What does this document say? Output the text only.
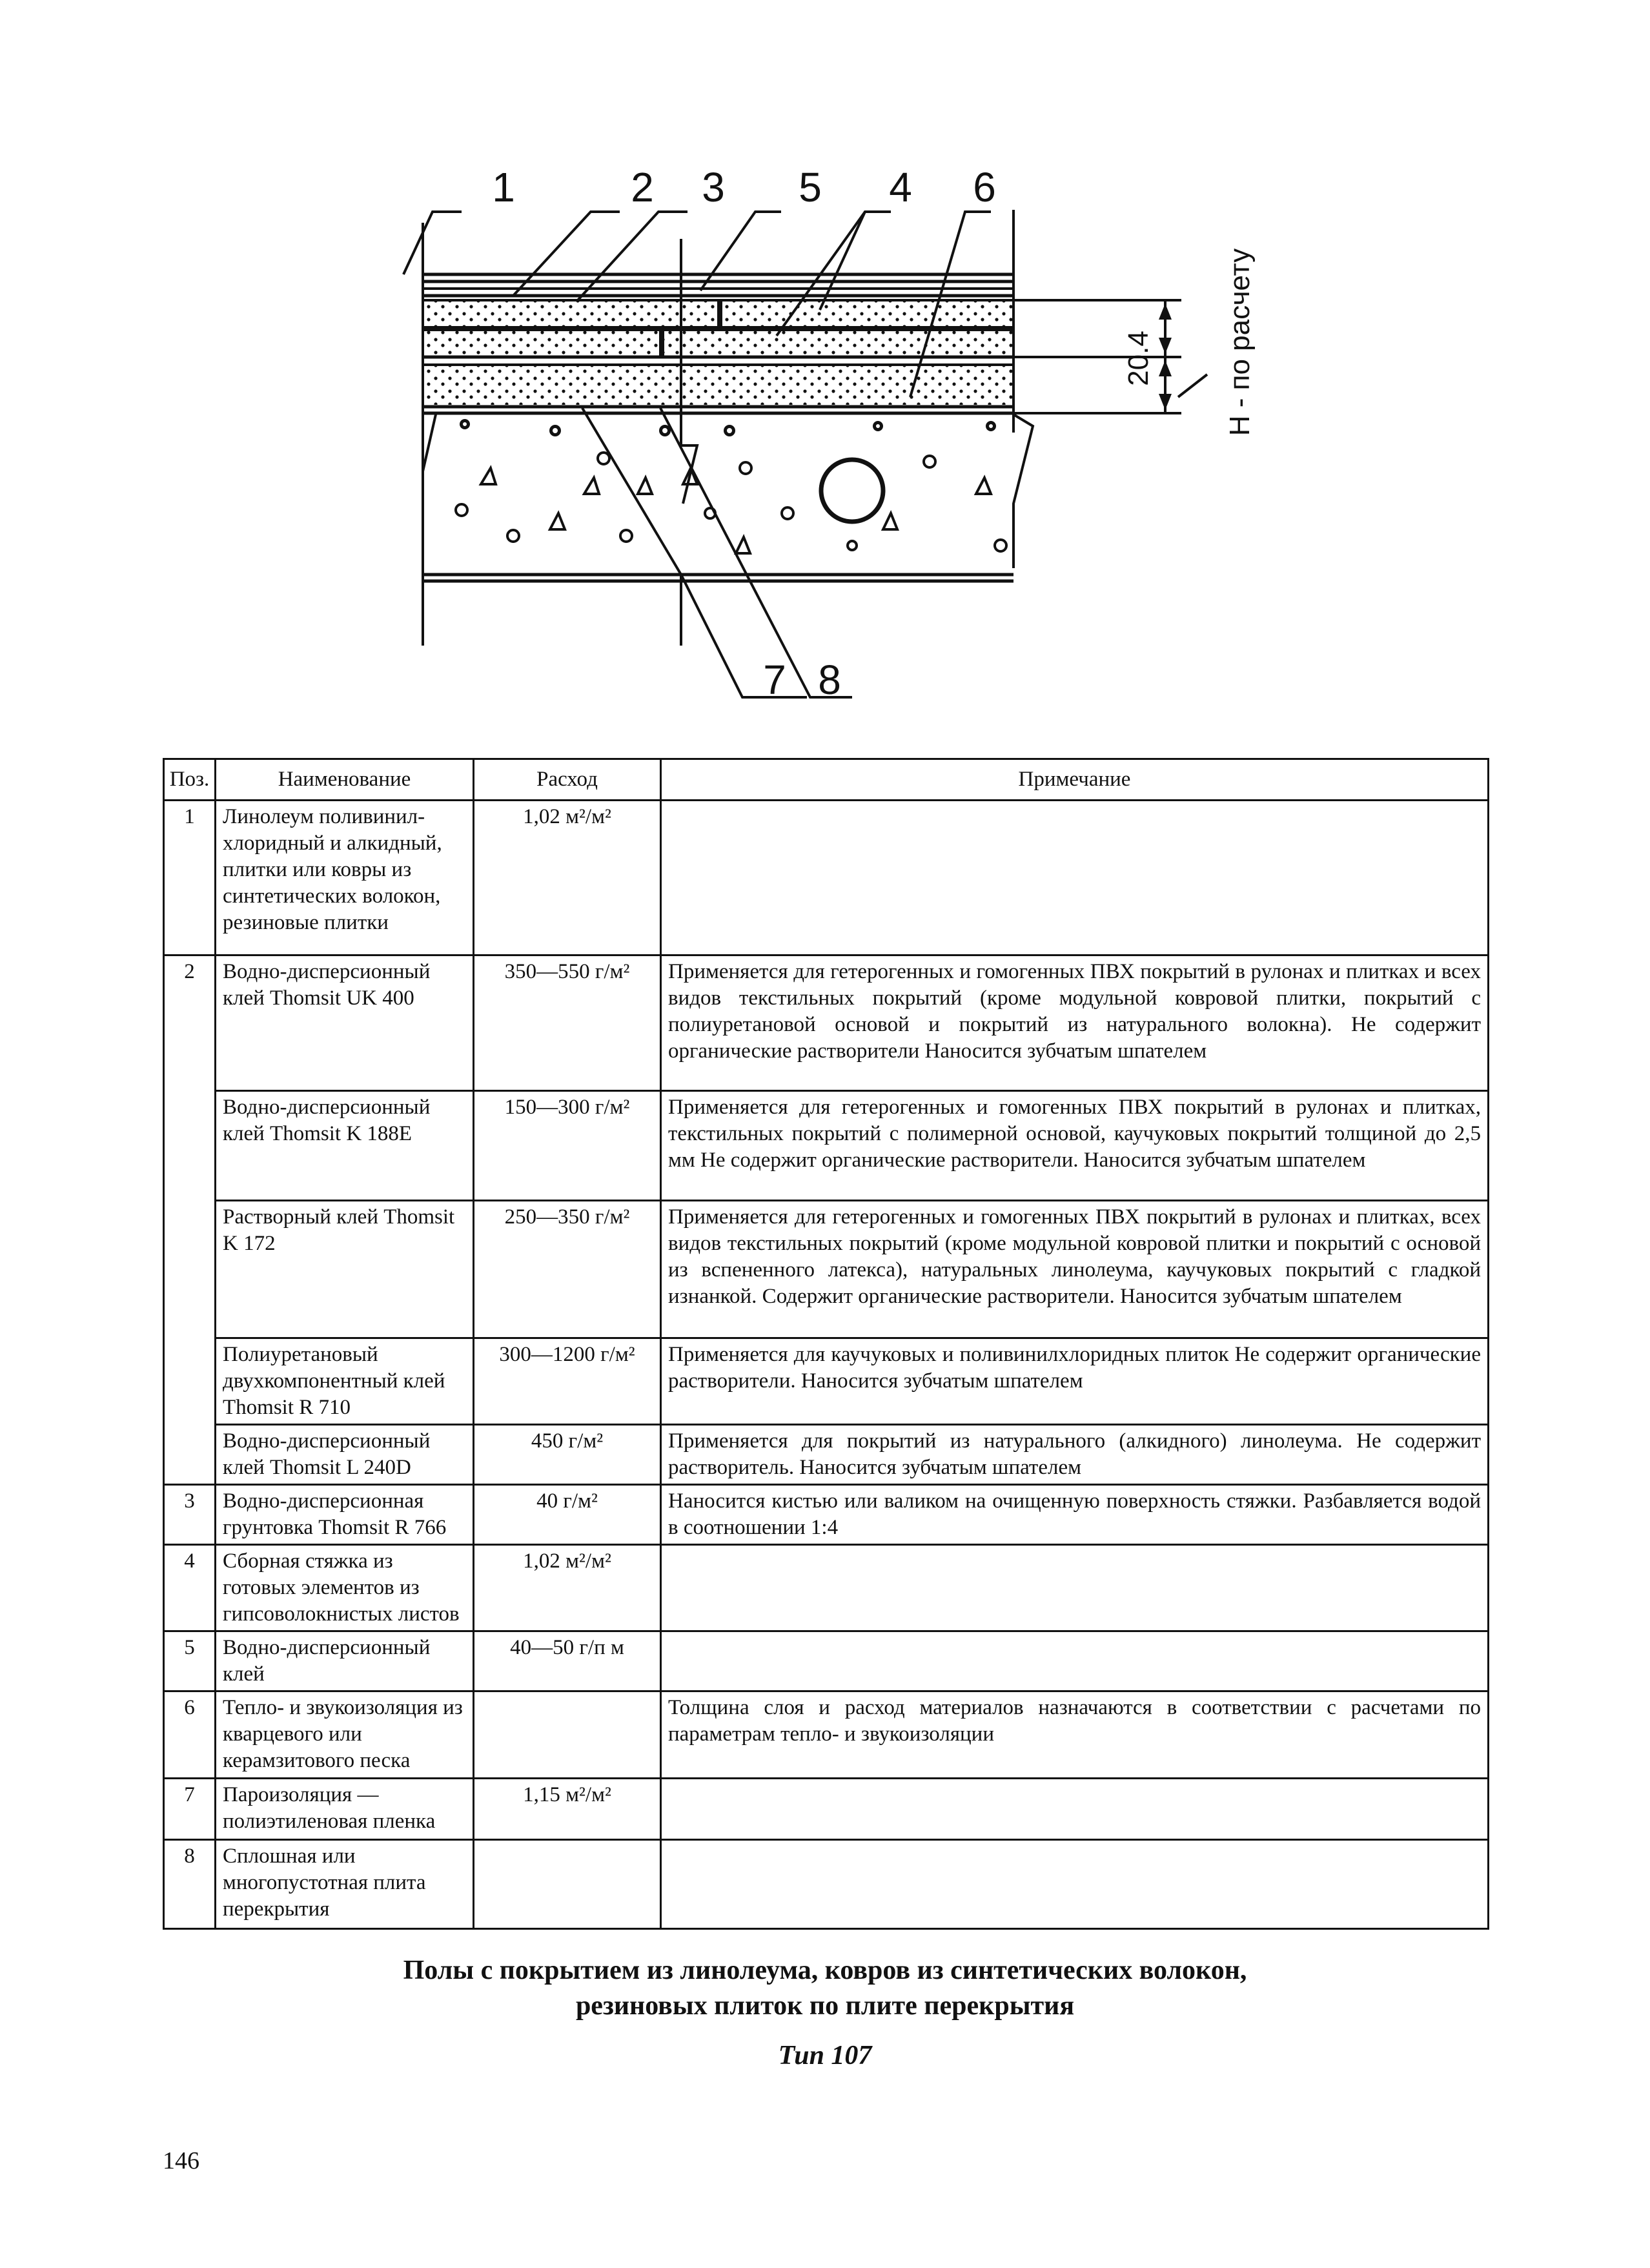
1	2 3 5 4 6
7 8
20.4 Н - по расчету
Поз.	Наименование	Расход	Примечание
1	Линолеум поливинилхлоридный и алкидный, плитки или ковры из синтетических волокон, резиновые плитки	1,02 м²/м²	
2	Водно-дисперсионный клей Thomsit UK 400	350—550 г/м²	Применяется для гетерогенных и гомогенных ПВХ покрытий в рулонах и плитках и всех видов текстильных покрытий (кроме модульной ковровой плитки, покрытий с полиуретановой основой и покрытий из натурального волокна). Не содержит органические растворители Наносится зубчатым шпателем
	Водно-дисперсионный клей Thomsit K 188E	150—300 г/м²	Применяется для гетерогенных и гомогенных ПВХ покрытий в рулонах и плитках, текстильных покрытий с полимерной основой, каучуковых покрытий толщиной до 2,5 мм Не содержит органические растворители. Наносится зубчатым шпателем
	Растворный клей Thomsit K 172	250—350 г/м²	Применяется для гетерогенных и гомогенных ПВХ покрытий в рулонах и плитках, всех видов текстильных покрытий (кроме модульной ковровой плитки и покрытий с основой из вспененного латекса), натуральных линолеума, каучуковых покрытий с гладкой изнанкой. Содержит органические растворители. Наносится зубчатым шпателем
	Полиуретановый двухкомпонентный клей Thomsit R 710	300—1200 г/м²	Применяется для каучуковых и поливинилхлоридных плиток Не содержит органические растворители. Наносится зубчатым шпателем
	Водно-дисперсионный клей Thomsit L 240D	450 г/м²	Применяется для покрытий из натурального (алкидного) линолеума. Не содержит растворитель. Наносится зубчатым шпателем
3	Водно-дисперсионная грунтовка Thomsit R 766	40 г/м²	Наносится кистью или валиком на очищенную поверхность стяжки. Разбавляется водой в соотношении 1:4
4	Сборная стяжка из готовых элементов из гипсоволокнистых листов	1,02 м²/м²	
5	Водно-дисперсионный клей	40—50 г/п м	
6	Тепло- и звукоизоляция из кварцевого или керамзитового песка		Толщина слоя и расход материалов назначаются в соответствии с расчетами по параметрам тепло- и звукоизоляции
7	Пароизоляция — полиэтиленовая пленка	1,15 м²/м²	
8	Сплошная или многопустотная плита перекрытия		

Полы с покрытием из линолеума, ковров из синтетических волокон,

резиновых плиток по плите перекрытия

Тип 107

146
